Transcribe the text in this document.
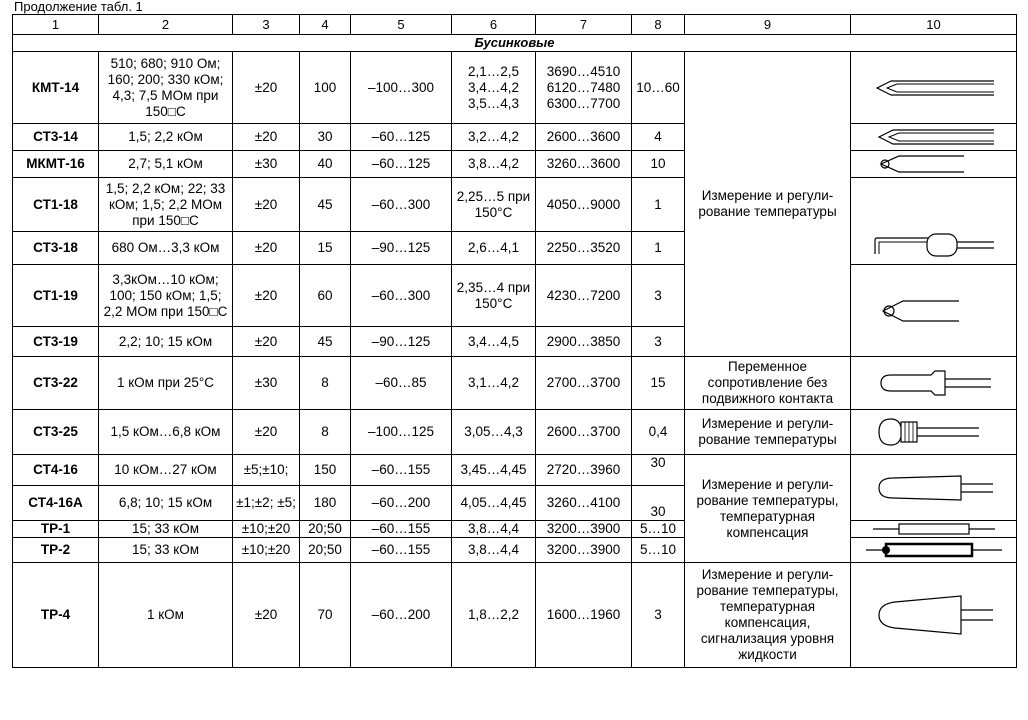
Продолжение табл. 1
1	2	3	4	5	6	7	8	9	10
Бусинковые									
КМТ-14	510; 680; 910 Ом; 160; 200; 330 кОм; 4,3; 7,5 МОм при 150□С	±20	100	–100…300	2,1…2,5
3,4…4,2
3,5…4,3	3690…4510
6120…7480
6300…7700	10…60	Измерение и регули-рование температуры	

СТ3-14	1,5; 2,2 кОм	±20	30	–60…125	3,2…4,2	2600…3600	4	

МКМТ-16	2,7; 5,1 кОм	±30	40	–60…125	3,8…4,2	3260…3600	10	

СТ1-18	1,5; 2,2 кОм; 22; 33 кОм; 1,5; 2,2 МОм при 150□С	±20	45	–60…300	2,25…5 при 150°С	4050…9000	1	

СТ3-18	680 Ом…3,3 кОм	±20	15	–90…125	2,6…4,1	2250…3520	1		
СТ1-19	3,3кОм…10 кОм; 100; 150 кОм; 1,5; 2,2 МОм при 150□С	±20	60	–60…300	2,35…4 при 150°С	4230…7200	3	

СТ3-19	2,2; 10; 15 кОм	±20	45	–90…125	3,4…4,5	2900…3850	3		
СТ3-22	1 кОм при 25°С	±30	8	–60…85	3,1…4,2	2700…3700	15	Переменное сопротивление без подвижного контакта	

СТ3-25	1,5 кОм…6,8 кОм	±20	8	–100…125	3,05…4,3	2600…3700	0,4	Измерение и регули-рование температуры	

СТ4-16	10 кОм…27 кОм	±5;±10;	150	–60…155	3,45…4,45	2720…3960	30	Измерение и регули-рование температуры, температурная компенсация	

СТ4-16А	6,8; 10; 15 кОм	±1;±2; ±5;	180	–60…200	4,05…4,45	3260…4100	30		
ТР-1	15; 33 кОм	±10;±20	20;50	–60…155	3,8…4,4	3200…3900	5…10	

ТР-2	15; 33 кОм	±10;±20	20;50	–60…155	3,8…4,4	3200…3900	5…10	

ТР-4	1 кОм	±20	70	–60…200	1,8…2,2	1600…1960	3	Измерение и регули-рование температуры, температурная компенсация, сигнализация уровня жидкости	
